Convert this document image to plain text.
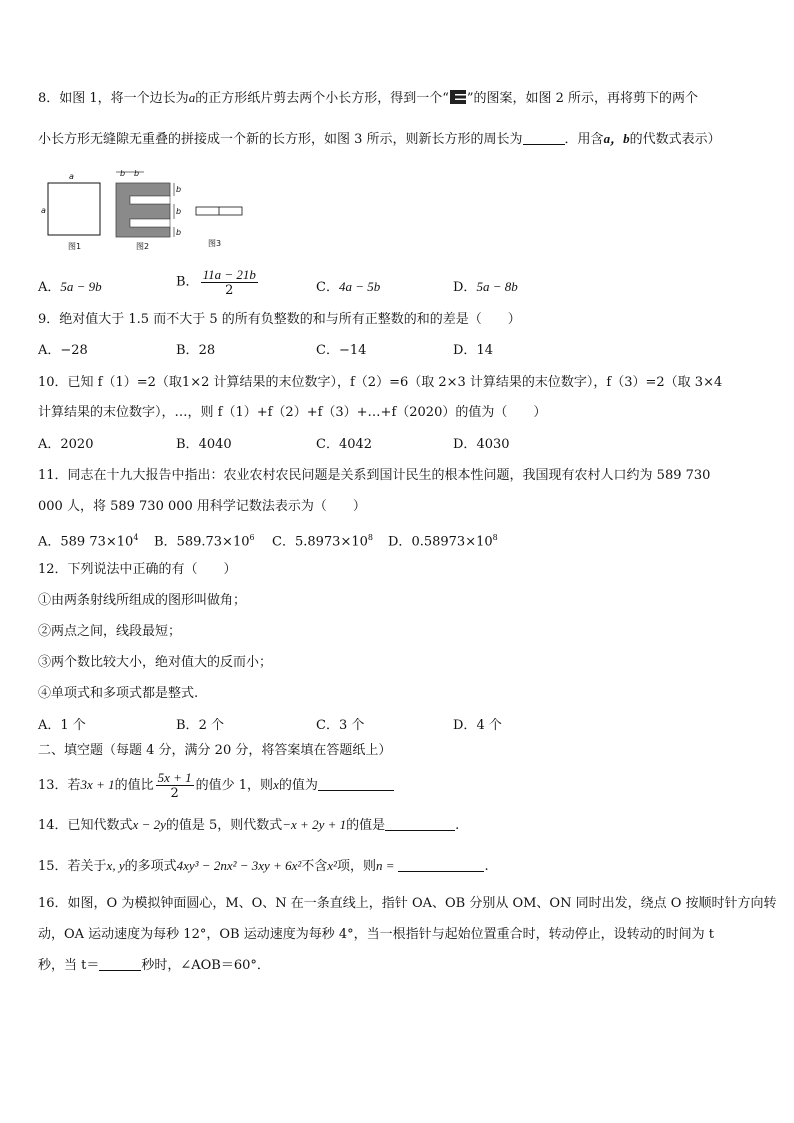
8．如图 1，将一个边长为a的正方形纸片剪去两个小长方形，得到一个“ ”的图案，如图 2 所示，再将剪下的两个
小长方形无缝隙无重叠的拼接成一个新的长方形，如图 3 所示，则新长方形的周长为	．用含a，b的代数式表示）
a
a
图1
b b
b
b
b
图2	图3
A．5a − 9b	B． $\frac{11a - 21b}{2}$	C．4a − 5b	D．5a − 8b
9．绝对值大于 1.5 而不大于 5 的所有负整数的和与所有正整数的和的差是（　　）
A．−28	B．28	C．−14	D．14
10．已知 f（1）=2（取1×2 计算结果的末位数字），f（2）=6（取 2×3 计算结果的末位数字），f（3）=2（取 3×4
计算结果的末位数字），…，则 f（1）+f（2）+f（3）+…+f（2020）的值为（　　）
A．2020	B．4040	C．4042	D．4030
11．同志在十九大报告中指出：农业农村农民问题是关系到国计民生的根本性问题，我国现有农村人口约为 589 730
000 人，将 589 730 000 用科学记数法表示为（　　）
A．589 $73\times 10^4$ B．$589.73\times 10^6$ C．$5.8973\times 10^8$ D．$0.58973\times 10^8$
12．下列说法中正确的有（　　）
①由两条射线所组成的图形叫做角；
②两点之间，线段最短；
③两个数比较大小，绝对值大的反而小；
④单项式和多项式都是整式.
A．1 个	B．2 个	C．3 个	D．4 个
二、填空题（每题 4 分，满分 20 分，将答案填在答题纸上）
13．若3x + 1的值比 $\frac{5x + 1}{2}$ 的值少 1，则x的值为
14．已知代数式x − 2y的值是 5，则代数式−x + 2y + 1的值是	.
15．若关于x, y的多项式4xy³ − 2nx² − 3xy + 6x²不含x²项，则n =	.
16．如图，O 为模拟钟面圆心，M、O、N 在一条直线上，指针 OA、OB 分别从 OM、ON 同时出发，绕点 O 按顺时针方向转
动，OA 运动速度为每秒 12°，OB 运动速度为每秒 4°，当一根指针与起始位置重合时，转动停止，设转动的时间为 t
秒，当 t＝	秒时，∠AOB＝60°．
